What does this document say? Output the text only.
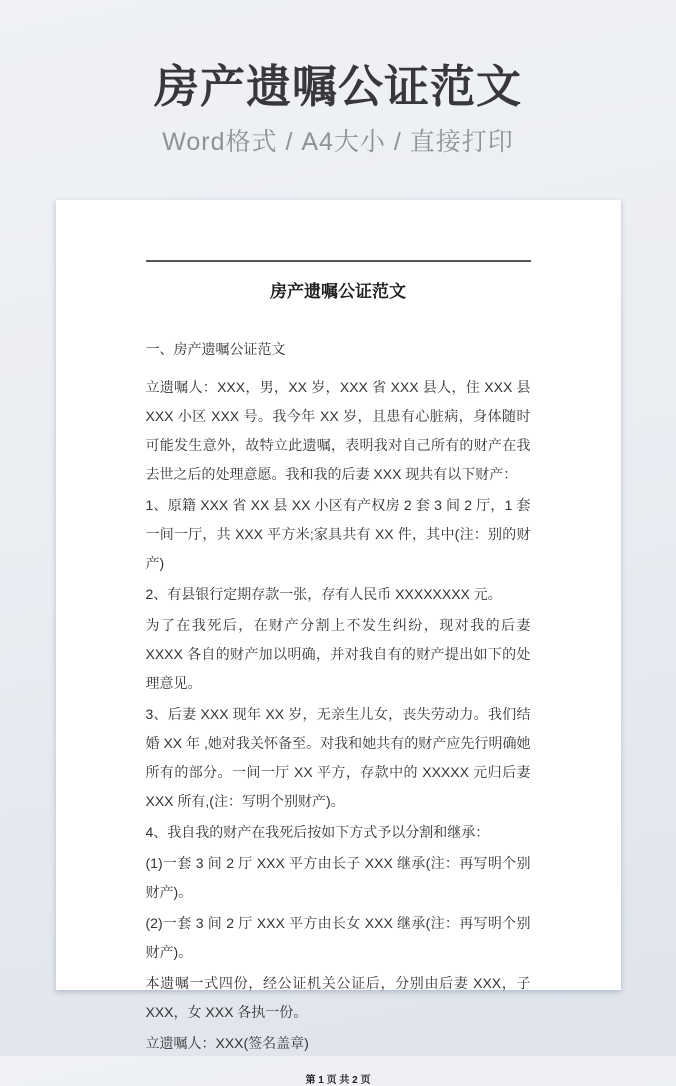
房产遗嘱公证范文
Word格式 / A4大小 / 直接打印
房产遗嘱公证范文
一、房产遗嘱公证范文

立遗嘱人：XXX，男，XX 岁，XXX 省 XXX 县人，住 XXX 县 XXX 小区 XXX 号。我今年 XX 岁，且患有心脏病，身体随时可能发生意外，故特立此遗嘱，表明我对自己所有的财产在我去世之后的处理意愿。我和我的后妻 XXX 现共有以下财产：

1、原籍 XXX 省 XX 县 XX 小区有产权房 2 套 3 间 2 厅，1 套一间一厅，共 XXX 平方米;家具共有 XX 件，其中(注：别的财产)

2、有县银行定期存款一张，存有人民币 XXXXXXXX 元。

为了在我死后，在财产分割上不发生纠纷，现对我的后妻 XXXX 各自的财产加以明确，并对我自有的财产提出如下的处理意见。

3、后妻 XXX 现年 XX 岁，无亲生儿女，丧失劳动力。我们结婚 XX 年 ,她对我关怀备至。对我和她共有的财产应先行明确她所有的部分。一间一厅 XX 平方，存款中的 XXXXX 元归后妻 XXX 所有,(注：写明个别财产)。

4、我自我的财产在我死后按如下方式予以分割和继承：

(1)一套 3 间 2 厅 XXX 平方由长子 XXX 继承(注：再写明个别财产)。

(2)一套 3 间 2 厅 XXX 平方由长女 XXX 继承(注：再写明个别财产)。

本遗嘱一式四份，经公证机关公证后，分别由后妻 XXX，子 XXX，女 XXX 各执一份。

立遗嘱人：XXX(签名盖章)

第 1 页 共 2 页
